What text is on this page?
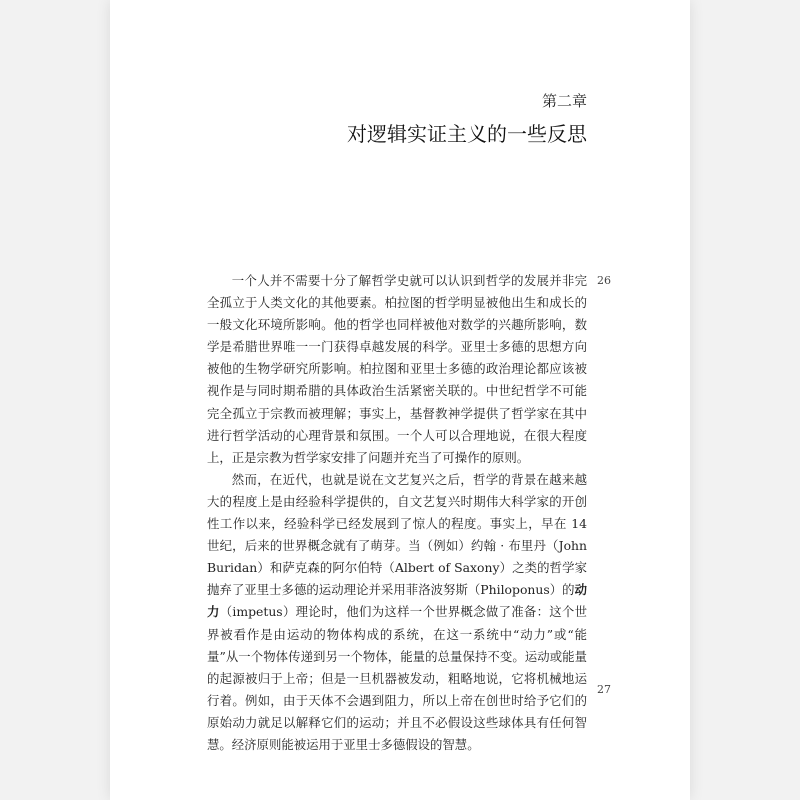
第二章
对逻辑实证主义的一些反思

一个人并不需要十分了解哲学史就可以认识到哲学的发展并非完全孤立于人类文化的其他要素。柏拉图的哲学明显被他出生和成长的一般文化环境所影响。他的哲学也同样被他对数学的兴趣所影响，数学是希腊世界唯一一门获得卓越发展的科学。亚里士多德的思想方向被他的生物学研究所影响。柏拉图和亚里士多德的政治理论都应该被视作是与同时期希腊的具体政治生活紧密关联的。中世纪哲学不可能完全孤立于宗教而被理解；事实上，基督教神学提供了哲学家在其中进行哲学活动的心理背景和氛围。一个人可以合理地说，在很大程度上，正是宗教为哲学家安排了问题并充当了可操作的原则。

然而，在近代，也就是说在文艺复兴之后，哲学的背景在越来越大的程度上是由经验科学提供的，自文艺复兴时期伟大科学家的开创性工作以来，经验科学已经发展到了惊人的程度。事实上，早在 14 世纪，后来的世界概念就有了萌芽。当（例如）约翰 · 布里丹（John Buridan）和萨克森的阿尔伯特（Albert of Saxony）之类的哲学家抛弃了亚里士多德的运动理论并采用菲洛波努斯（Philoponus）的动力（impetus）理论时，他们为这样一个世界概念做了准备：这个世界被看作是由运动的物体构成的系统，在这一系统中“动力”或“能量”从一个物体传递到另一个物体，能量的总量保持不变。运动或能量的起源被归于上帝；但是一旦机器被发动，粗略地说，它将机械地运行着。例如，由于天体不会遇到阻力，所以上帝在创世时给予它们的原始动力就足以解释它们的运动；并且不必假设这些球体具有任何智慧。经济原则能被运用于亚里士多德假设的智慧。

26
27
